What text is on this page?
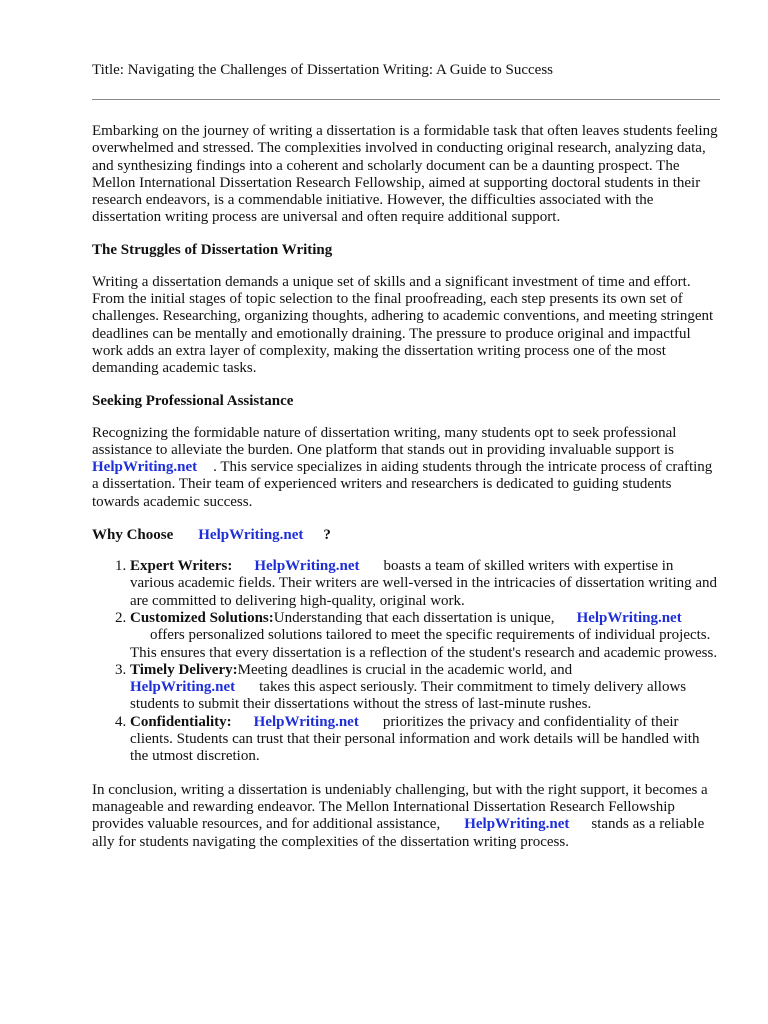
Title: Navigating the Challenges of Dissertation Writing: A Guide to Success

Embarking on the journey of writing a dissertation is a formidable task that often leaves students feeling overwhelmed and stressed. The complexities involved in conducting original research, analyzing data, and synthesizing findings into a coherent and scholarly document can be a daunting prospect. The Mellon International Dissertation Research Fellowship, aimed at supporting doctoral students in their research endeavors, is a commendable initiative. However, the difficulties associated with the dissertation writing process are universal and often require additional support.

The Struggles of Dissertation Writing

Writing a dissertation demands a unique set of skills and a significant investment of time and effort. From the initial stages of topic selection to the final proofreading, each step presents its own set of challenges. Researching, organizing thoughts, adhering to academic conventions, and meeting stringent deadlines can be mentally and emotionally draining. The pressure to produce original and impactful work adds an extra layer of complexity, making the dissertation writing process one of the most demanding academic tasks.

Seeking Professional Assistance

Recognizing the formidable nature of dissertation writing, many students opt to seek professional assistance to alleviate the burden. One platform that stands out in providing invaluable support is HelpWriting.net . This service specializes in aiding students through the intricate process of crafting a dissertation. Their team of experienced writers and researchers is dedicated to guiding students towards academic success.

Why Choose HelpWriting.net ?
1. Expert Writers: HelpWriting.net boasts a team of skilled writers with expertise in various academic fields. Their writers are well-versed in the intricacies of dissertation writing and are committed to delivering high-quality, original work.
2. Customized Solutions:Understanding that each dissertation is unique, HelpWriting.net
offers personalized solutions tailored to meet the specific requirements of individual projects. This ensures that every dissertation is a reflection of the student's research and academic prowess.
3. Timely Delivery:Meeting deadlines is crucial in the academic world, and
HelpWriting.net takes this aspect seriously. Their commitment to timely delivery allows students to submit their dissertations without the stress of last-minute rushes.
4. Confidentiality: HelpWriting.net prioritizes the privacy and confidentiality of their clients. Students can trust that their personal information and work details will be handled with the utmost discretion.

In conclusion, writing a dissertation is undeniably challenging, but with the right support, it becomes a manageable and rewarding endeavor. The Mellon International Dissertation Research Fellowship provides valuable resources, and for additional assistance, HelpWriting.net stands as a reliable ally for students navigating the complexities of the dissertation writing process.
